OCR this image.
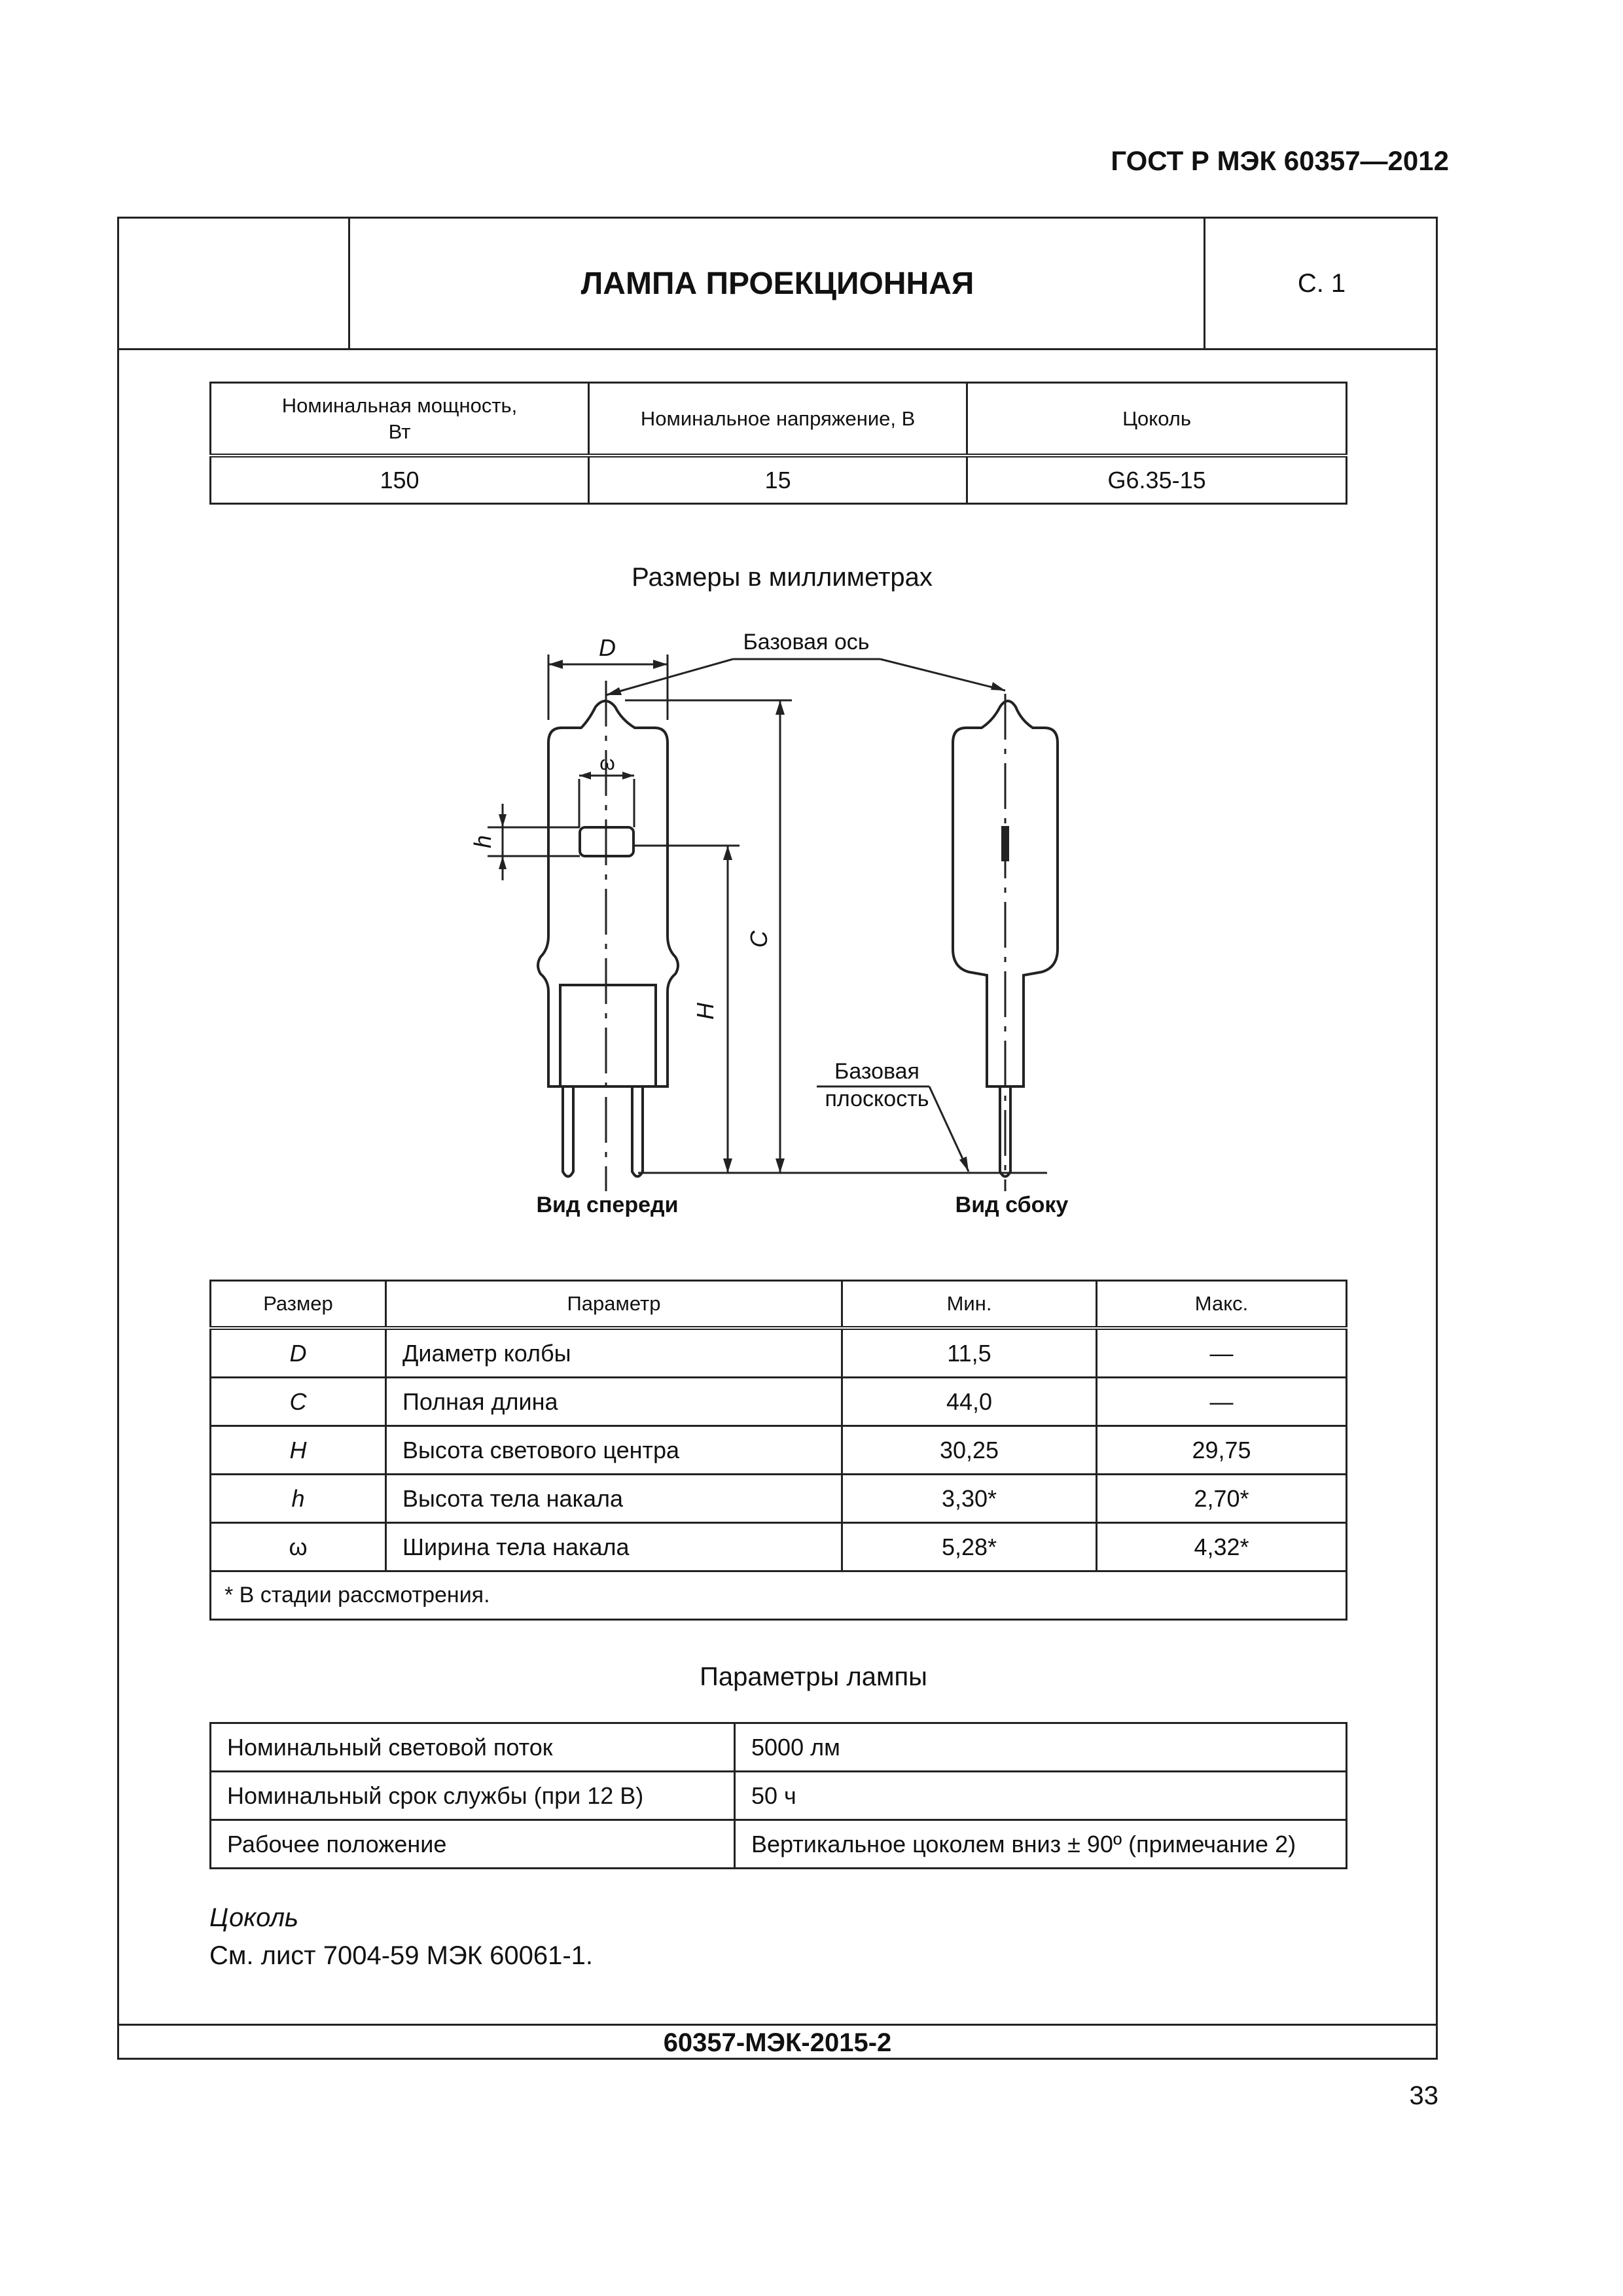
ГОСТ Р МЭК 60357—2012
ЛАМПА ПРОЕКЦИОННАЯ	С. 1
Номинальная мощность, Вт	Номинальное напряжение, В	Цоколь
150	15	G6.35-15
Размеры в миллиметрах
D
ω
h
H
C
Базовая ось
Базовая
плоскость
Вид спереди	Вид сбоку
Размер	Параметр	Мин.	Макс.
D	Диаметр колбы	11,5	—
C	Полная длина	44,0	—
H	Высота светового центра	30,25	29,75
h	Высота тела накала	3,30*	2,70*
ω	Ширина тела накала	5,28*	4,32*
* В стадии рассмотрения.			
Параметры лампы
Номинальный световой поток	5000 лм
Номинальный срок службы (при 12 В)	50 ч
Рабочее положение	Вертикальное цоколем вниз ± 90º (примечание 2)
Цоколь
См. лист 7004-59 МЭК 60061-1.
60357-МЭК-2015-2
33
